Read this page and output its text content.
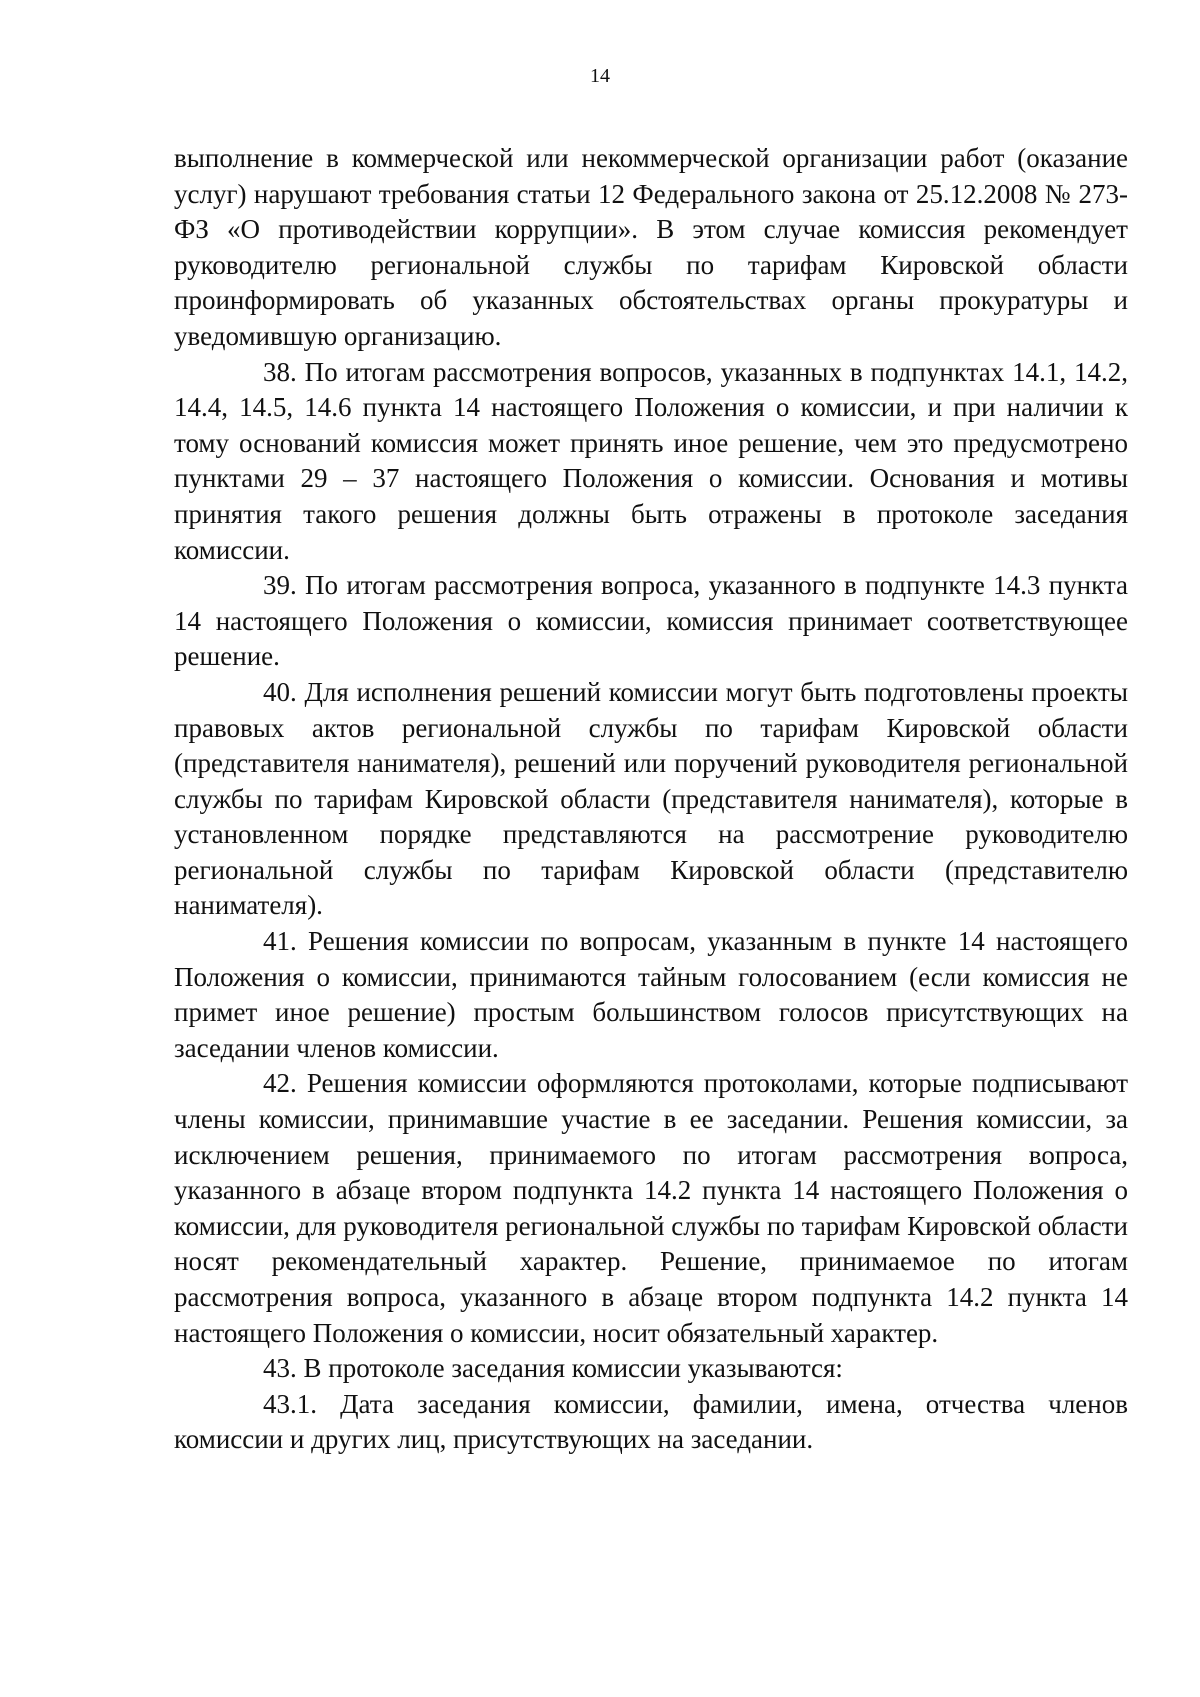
14

выполнение в коммерческой или некоммерческой организации работ (оказание услуг) нарушают требования статьи 12 Федерального закона от 25.12.2008 № 273-ФЗ «О противодействии коррупции». В этом случае комиссия рекомендует руководителю региональной службы по тарифам Кировской области проинформировать об указанных обстоятельствах органы прокуратуры и уведомившую организацию.

38. По итогам рассмотрения вопросов, указанных в подпунктах 14.1, 14.2, 14.4, 14.5, 14.6 пункта 14 настоящего Положения о комиссии, и при наличии к тому оснований комиссия может принять иное решение, чем это предусмотрено пунктами 29 – 37 настоящего Положения о комиссии. Основания и мотивы принятия такого решения должны быть отражены в протоколе заседания комиссии.

39. По итогам рассмотрения вопроса, указанного в подпункте 14.3 пункта 14 настоящего Положения о комиссии, комиссия принимает соответствующее решение.

40. Для исполнения решений комиссии могут быть подготовлены проекты правовых актов региональной службы по тарифам Кировской области (представителя нанимателя), решений или поручений руководителя региональной службы по тарифам Кировской области (представителя нанимателя), которые в установленном порядке представляются на рассмотрение руководителю региональной службы по тарифам Кировской области (представителю нанимателя).

41. Решения комиссии по вопросам, указанным в пункте 14 настоящего Положения о комиссии, принимаются тайным голосованием (если комиссия не примет иное решение) простым большинством голосов присутствующих на заседании членов комиссии.

42. Решения комиссии оформляются протоколами, которые подписывают члены комиссии, принимавшие участие в ее заседании. Решения комиссии, за исключением решения, принимаемого по итогам рассмотрения вопроса, указанного в абзаце втором подпункта 14.2 пункта 14 настоящего Положения о комиссии, для руководителя региональной службы по тарифам Кировской области носят рекомендательный характер. Решение, принимаемое по итогам рассмотрения вопроса, указанного в абзаце втором подпункта 14.2 пункта 14 настоящего Положения о комиссии, носит обязательный характер.

43. В протоколе заседания комиссии указываются:

43.1. Дата заседания комиссии, фамилии, имена, отчества членов комиссии и других лиц, присутствующих на заседании.
